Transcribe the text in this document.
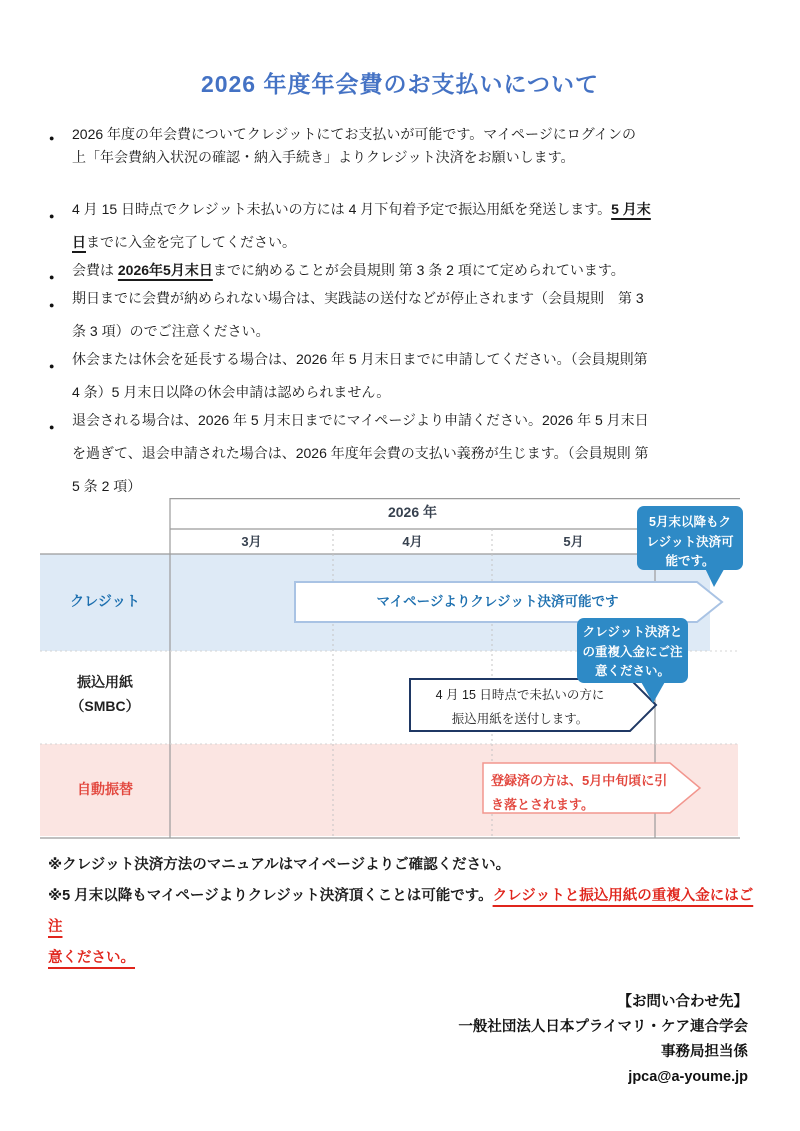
2026 年度年会費のお支払いについて
● 2026 年度の年会費についてクレジットにてお支払いが可能です。マイページにログインの
上「年会費納入状況の確認・納入手続き」よりクレジット決済をお願いします。
● 4 月 15 日時点でクレジット未払いの方には 4 月下旬着予定で振込用紙を発送します。5 月末
日までに入金を完了してください。
● 会費は 2026年5月末日までに納めることが会員規則 第 3 条 2 項にて定められています。
● 期日までに会費が納められない場合は、実践誌の送付などが停止されます（会員規則　第 3
条 3 項）のでご注意ください。
● 休会または休会を延長する場合は、2026 年 5 月末日までに申請してください。（会員規則第
4 条）5 月末日以降の休会申請は認められません。
● 退会される場合は、2026 年 5 月末日までにマイページより申請ください。2026 年 5 月末日
を過ぎて、退会申請された場合は、2026 年度年会費の支払い義務が生じます。（会員規則 第
5 条 2 項）
2026 年
3月	4月	5月
クレジット
振込用紙
（SMBC）
自動振替
マイページよりクレジット決済可能です
5月末以降もク
レジット決済可
能です。
クレジット決済と
の重複入金にご注
意ください。
4 月 15 日時点で未払いの方に
振込用紙を送付します。
登録済の方は、5月中旬頃に引
き落とされます。
※クレジット決済方法のマニュアルはマイページよりご確認ください。
※5 月末以降もマイページよりクレジット決済頂くことは可能です。クレジットと振込用紙の重複入金にはご注
意ください。
【お問い合わせ先】
一般社団法人日本プライマリ・ケア連合学会
事務局担当係
jpca@a-youme.jp
